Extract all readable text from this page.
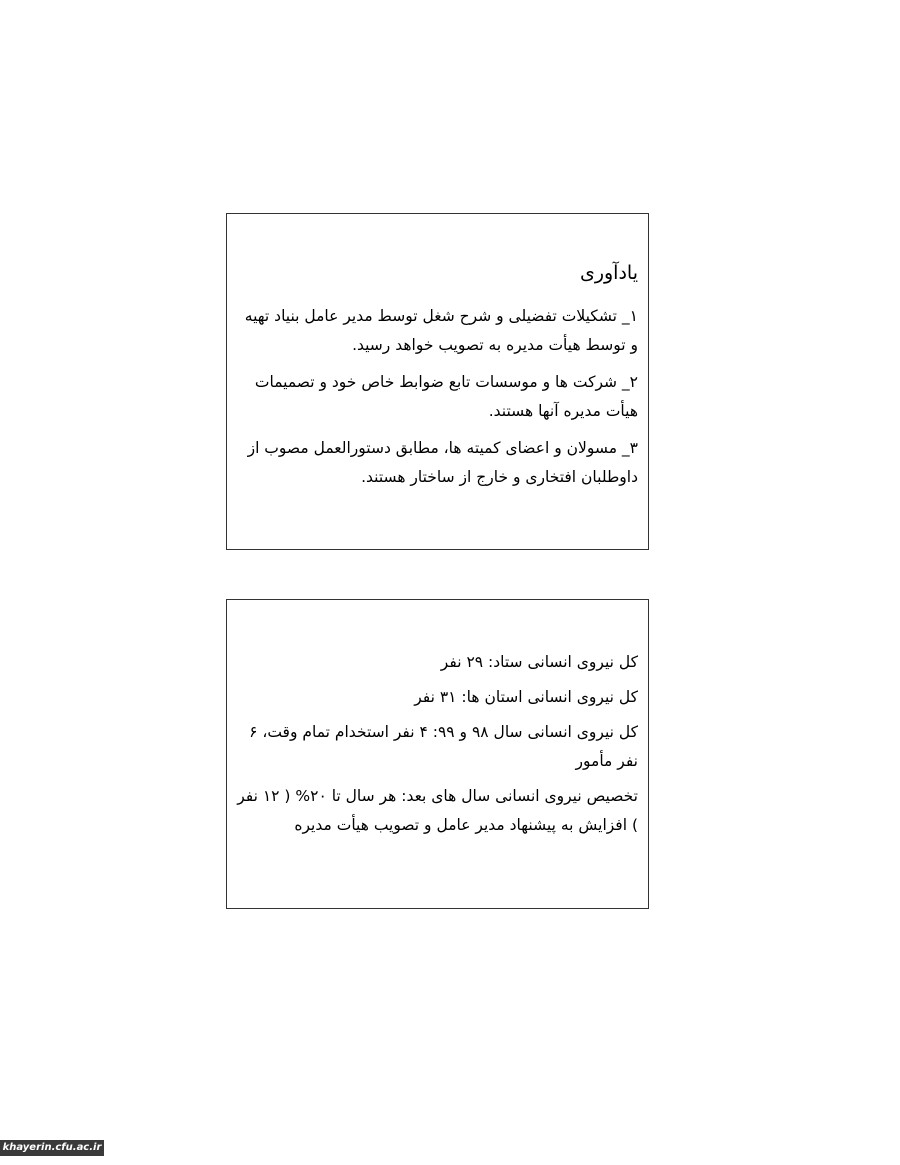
یادآوری
۱_ تشکیلات تفضیلی و شرح شغل توسط مدیر عامل بنیاد تهیه و توسط هیأت مدیره به تصویب خواهد رسید.
۲_ شرکت ها و موسسات تابع ضوابط خاص خود و تصمیمات هیأت مدیره آنها هستند.
۳_ مسولان و اعضای کمیته ها، مطابق دستورالعمل مصوب از داوطلبان افتخاری و خارج از ساختار هستند.
کل نیروی انسانی ستاد: ۲۹ نفر
کل نیروی انسانی استان ها: ۳۱ نفر
کل نیروی انسانی سال ۹۸ و ۹۹: ۴ نفر استخدام تمام وقت، ۶ نفر مأمور
تخصیص نیروی انسانی سال های بعد: هر سال تا ۲۰% ( ۱۲ نفر ) افزایش به پیشنهاد مدیر عامل و تصویب هیأت مدیره
khayerin.cfu.ac.ir
